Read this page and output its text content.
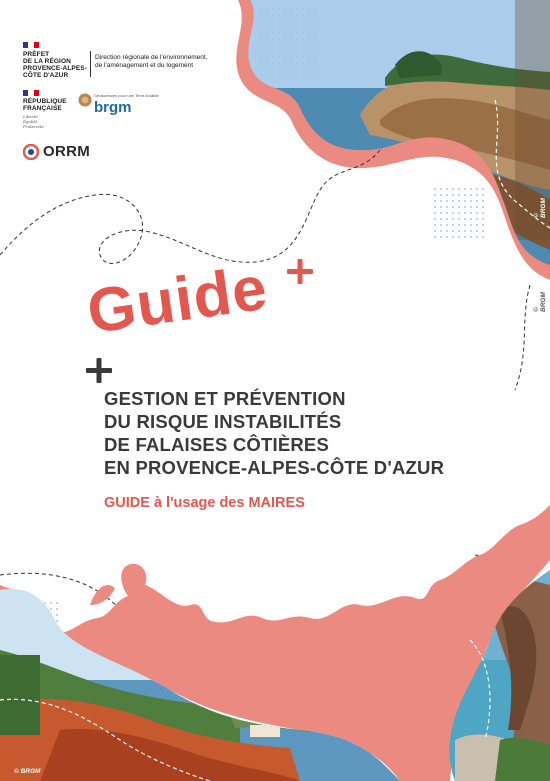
PRÉFET
DE LA RÉGION
PROVENCE-ALPES-
CÔTE D'AZUR
Direction régionale de l'environnement,
de l'aménagement et du logement
RÉPUBLIQUE
FRANÇAISE
Liberté
Égalité
Fraternité
Géosciences pour une Terre durable
brgm
ORRM
Guide
GESTION ET PRÉVENTION
DU RISQUE INSTABILITÉS
DE FALAISES CÔTIÈRES
EN PROVENCE-ALPES-CÔTE D'AZUR
GUIDE à l'usage des MAIRES
© BRGM
© BRGM
© BRGM
